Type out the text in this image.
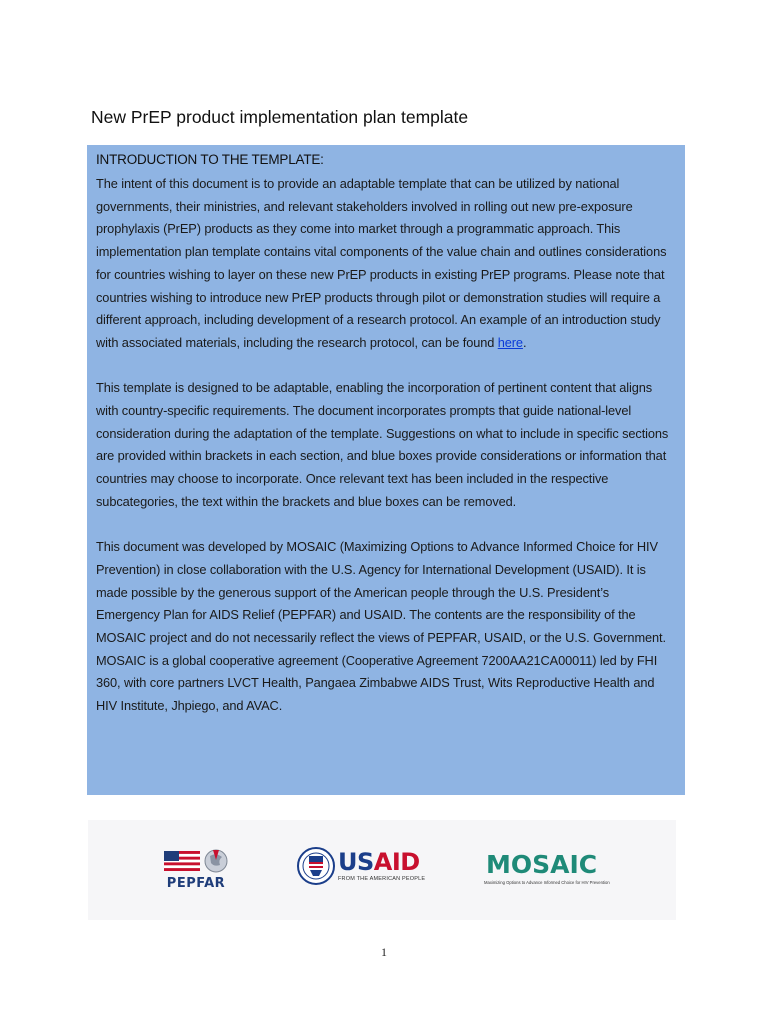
New PrEP product implementation plan template
INTRODUCTION TO THE TEMPLATE:

The intent of this document is to provide an adaptable template that can be utilized by national governments, their ministries, and relevant stakeholders involved in rolling out new pre-exposure prophylaxis (PrEP) products as they come into market through a programmatic approach. This implementation plan template contains vital components of the value chain and outlines considerations for countries wishing to layer on these new PrEP products in existing PrEP programs. Please note that countries wishing to introduce new PrEP products through pilot or demonstration studies will require a different approach, including development of a research protocol. An example of an introduction study with associated materials, including the research protocol, can be found here.

This template is designed to be adaptable, enabling the incorporation of pertinent content that aligns with country-specific requirements. The document incorporates prompts that guide national-level consideration during the adaptation of the template. Suggestions on what to include in specific sections are provided within brackets in each section, and blue boxes provide considerations or information that countries may choose to incorporate. Once relevant text has been included in the respective subcategories, the text within the brackets and blue boxes can be removed.

This document was developed by MOSAIC (Maximizing Options to Advance Informed Choice for HIV Prevention) in close collaboration with the U.S. Agency for International Development (USAID). It is made possible by the generous support of the American people through the U.S. President’s Emergency Plan for AIDS Relief (PEPFAR) and USAID. The contents are the responsibility of the MOSAIC project and do not necessarily reflect the views of PEPFAR, USAID, or the U.S. Government. MOSAIC is a global cooperative agreement (Cooperative Agreement 7200AA21CA00011) led by FHI 360, with core partners LVCT Health, Pangaea Zimbabwe AIDS Trust, Wits Reproductive Health and HIV Institute, Jhpiego, and AVAC.

PEPFAR
USAID
FROM THE AMERICAN PEOPLE MOSAIC
Maximizing Options to Advance Informed Choice for HIV Prevention
1
